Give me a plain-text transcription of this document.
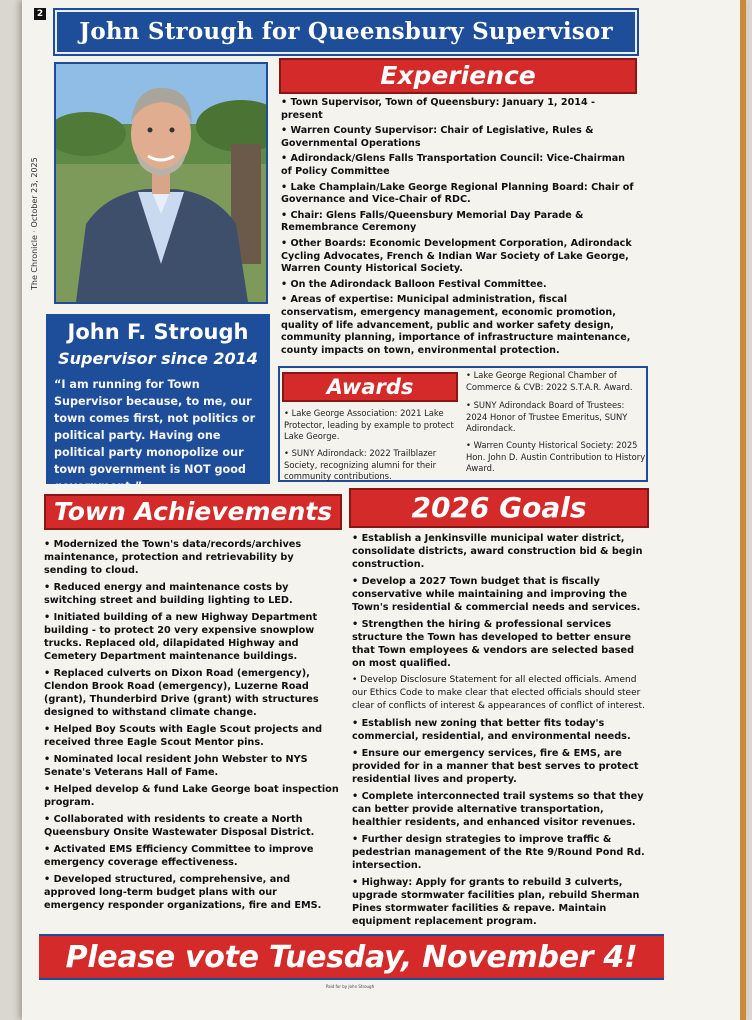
2
The Chronicle · October 23, 2025
John Strough for Queensbury Supervisor
John F. Strough
Supervisor since 2014
“I am running for Town Supervisor because, to me, our town comes first, not politics or political party. Having one political party monopolize our town government is NOT good government.”
Experience
• Town Supervisor, Town of Queensbury: January 1, 2014 - present
• Warren County Supervisor: Chair of Legislative, Rules & Governmental Operations
• Adirondack/Glens Falls Transportation Council: Vice-Chairman of Policy Committee
• Lake Champlain/Lake George Regional Planning Board: Chair of Governance and Vice-Chair of RDC.
• Chair: Glens Falls/Queensbury Memorial Day Parade & Remembrance Ceremony
• Other Boards: Economic Development Corporation, Adirondack Cycling Advocates, French & Indian War Society of Lake George, Warren County Historical Society.
• On the Adirondack Balloon Festival Committee.
• Areas of expertise: Municipal administration, fiscal conservatism, emergency management, economic promotion, quality of life advancement, public and worker safety design, community planning, importance of infrastructure maintenance, county impacts on town, environmental protection.
Awards
• Lake George Association: 2021 Lake Protector, leading by example to protect Lake George.
• SUNY Adirondack: 2022 Trailblazer Society, recognizing alumni for their community contributions.
• Lake George Regional Chamber of Commerce & CVB: 2022 S.T.A.R. Award.
• SUNY Adirondack Board of Trustees: 2024 Honor of Trustee Emeritus, SUNY Adirondack.
• Warren County Historical Society: 2025 Hon. John D. Austin Contribution to History Award.
Town Achievements	2026 Goals
• Modernized the Town's data/records/archives maintenance, protection and retrievability by sending to cloud.
• Reduced energy and maintenance costs by switching street and building lighting to LED.
• Initiated building of a new Highway Department building - to protect 20 very expensive snowplow trucks. Replaced old, dilapidated Highway and Cemetery Department maintenance buildings.
• Replaced culverts on Dixon Road (emergency), Clendon Brook Road (emergency), Luzerne Road (grant), Thunderbird Drive (grant) with structures designed to withstand climate change.
• Helped Boy Scouts with Eagle Scout projects and received three Eagle Scout Mentor pins.
• Nominated local resident John Webster to NYS Senate's Veterans Hall of Fame.
• Helped develop & fund Lake George boat inspection program.
• Collaborated with residents to create a North Queensbury Onsite Wastewater Disposal District.
• Activated EMS Efficiency Committee to improve emergency coverage effectiveness.
• Developed structured, comprehensive, and approved long-term budget plans with our emergency responder organizations, fire and EMS.
• Establish a Jenkinsville municipal water district, consolidate districts, award construction bid & begin construction.
• Develop a 2027 Town budget that is fiscally conservative while maintaining and improving the Town's residential & commercial needs and services.
• Strengthen the hiring & professional services structure the Town has developed to better ensure that Town employees & vendors are selected based on most qualified.
• Develop Disclosure Statement for all elected officials. Amend our Ethics Code to make clear that elected officials should steer clear of conflicts of interest & appearances of conflict of interest.
• Establish new zoning that better fits today's commercial, residential, and environmental needs.
• Ensure our emergency services, fire & EMS, are provided for in a manner that best serves to protect residential lives and property.
• Complete interconnected trail systems so that they can better provide alternative transportation, healthier residents, and enhanced visitor revenues.
• Further design strategies to improve traffic & pedestrian management of the Rte 9/Round Pond Rd. intersection.
• Highway: Apply for grants to rebuild 3 culverts, upgrade stormwater facilities plan, rebuild Sherman Pines stormwater facilities & repave. Maintain equipment replacement program.
Please vote Tuesday, November 4!
Paid for by John Strough
